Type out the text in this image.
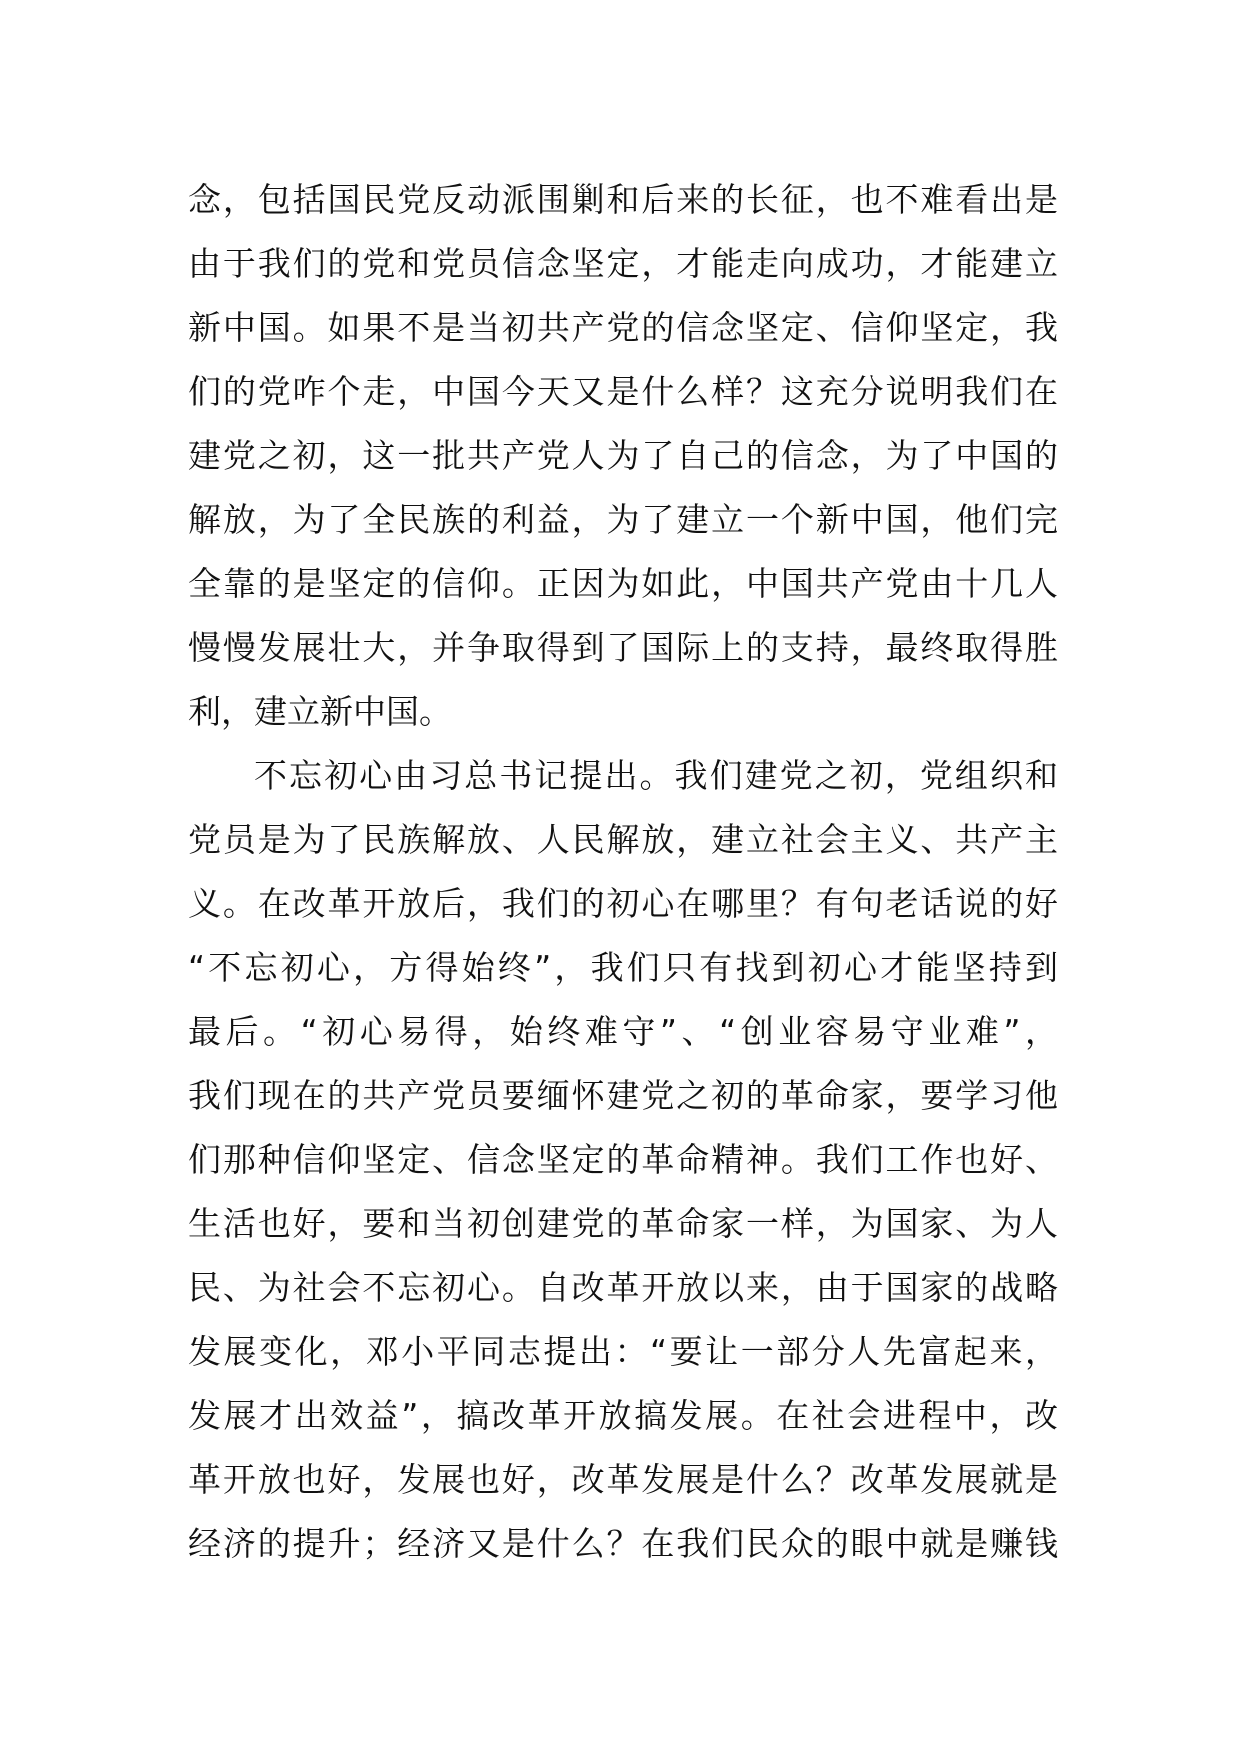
念，包括国民党反动派围剿和后来的长征，也不难看出是
由于我们的党和党员信念坚定，才能走向成功，才能建立
新中国。如果不是当初共产党的信念坚定、信仰坚定，我
们的党咋个走，中国今天又是什么样？这充分说明我们在
建党之初，这一批共产党人为了自己的信念，为了中国的
解放，为了全民族的利益，为了建立一个新中国，他们完
全靠的是坚定的信仰。正因为如此，中国共产党由十几人
慢慢发展壮大，并争取得到了国际上的支持，最终取得胜
利，建立新中国。
不忘初心由习总书记提出。我们建党之初，党组织和
党员是为了民族解放、人民解放，建立社会主义、共产主
义。在改革开放后，我们的初心在哪里？有句老话说的好
“不忘初心，方得始终”，我们只有找到初心才能坚持到
最后。“初心易得，始终难守”、“创业容易守业难”，
我们现在的共产党员要缅怀建党之初的革命家，要学习他
们那种信仰坚定、信念坚定的革命精神。我们工作也好、
生活也好，要和当初创建党的革命家一样，为国家、为人
民、为社会不忘初心。自改革开放以来，由于国家的战略
发展变化，邓小平同志提出：“要让一部分人先富起来，
发展才出效益”，搞改革开放搞发展。在社会进程中，改
革开放也好，发展也好，改革发展是什么？改革发展就是
经济的提升；经济又是什么？在我们民众的眼中就是赚钱
